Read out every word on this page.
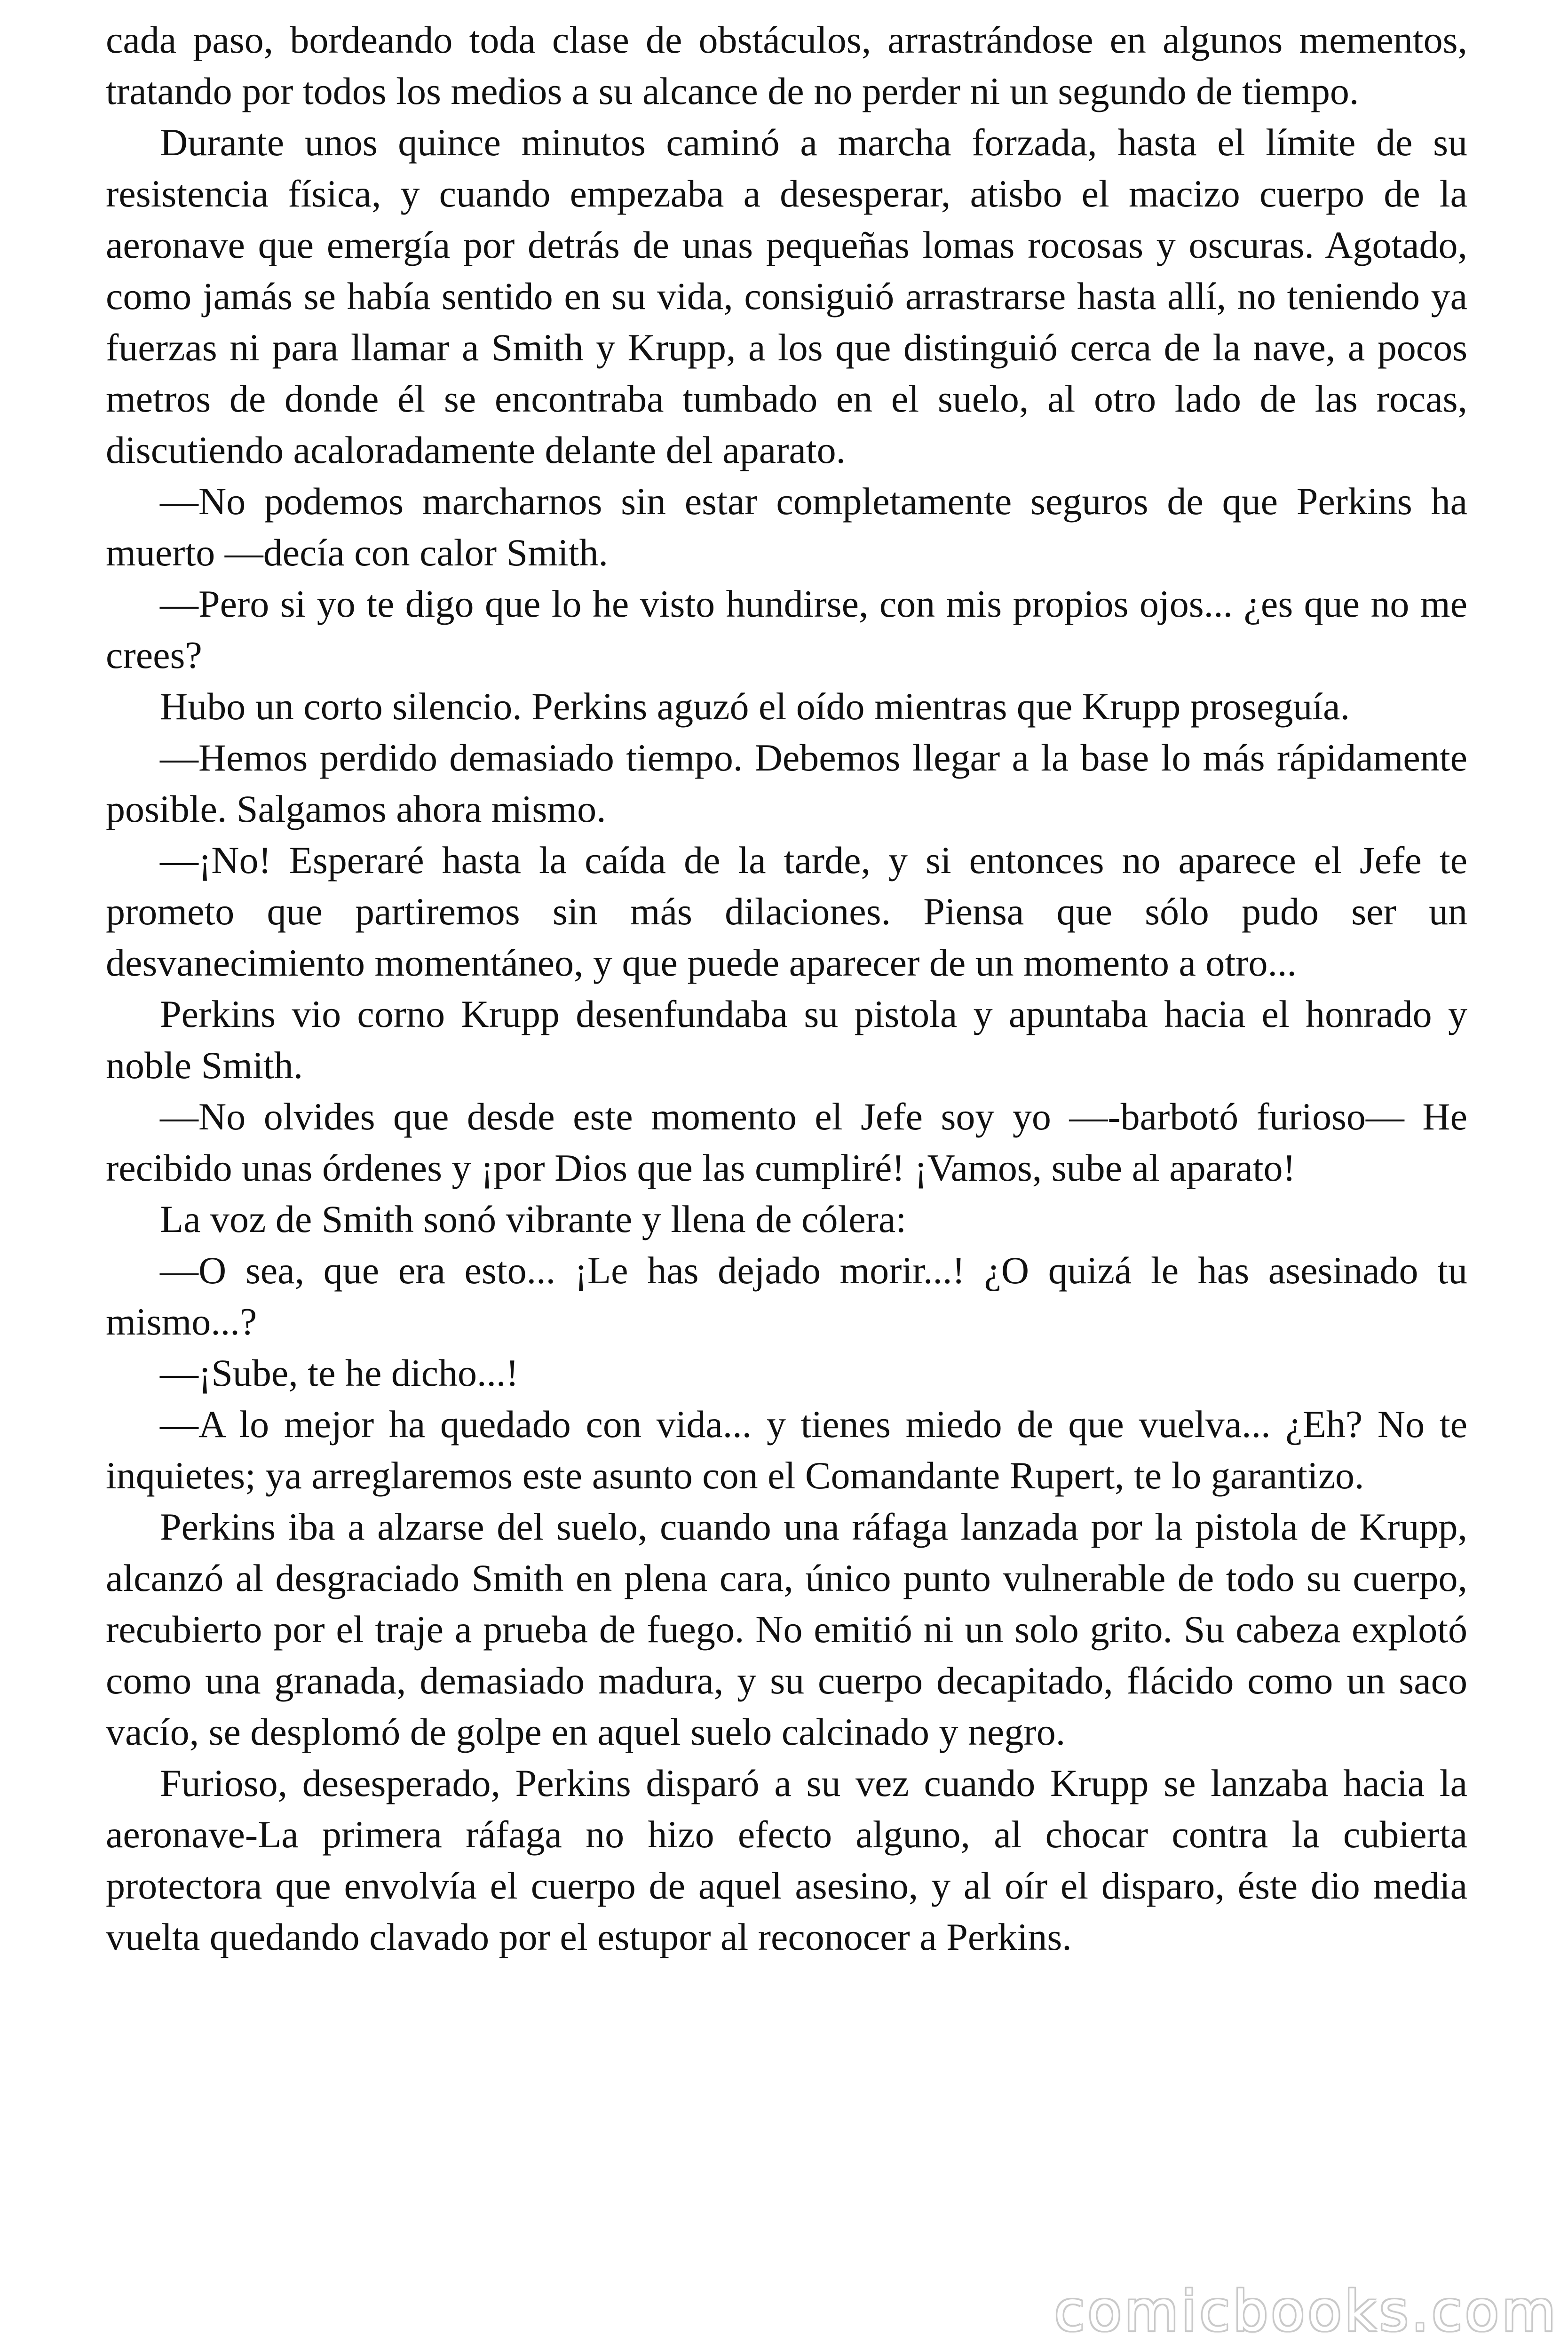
cada paso, bordeando toda clase de obstáculos, arrastrándose en algunos mementos, tratando por todos los medios a su alcance de no perder ni un segundo de tiempo.

Durante unos quince minutos caminó a marcha forzada, hasta el límite de su resistencia física, y cuando empezaba a desesperar, atisbo el macizo cuerpo de la aeronave que emergía por detrás de unas pequeñas lomas rocosas y oscuras. Agotado, como jamás se había sentido en su vida, consiguió arrastrarse hasta allí, no teniendo ya fuerzas ni para llamar a Smith y Krupp, a los que distinguió cerca de la nave, a pocos metros de donde él se encontraba tumbado en el suelo, al otro lado de las rocas, discutiendo acaloradamente delante del aparato.

—No podemos marcharnos sin estar completamente seguros de que Perkins ha muerto —decía con calor Smith.

—Pero si yo te digo que lo he visto hundirse, con mis propios ojos... ¿es que no me crees?

Hubo un corto silencio. Perkins aguzó el oído mientras que Krupp proseguía.

—Hemos perdido demasiado tiempo. Debemos llegar a la base lo más rápidamente posible. Salgamos ahora mismo.

—¡No! Esperaré hasta la caída de la tarde, y si entonces no aparece el Jefe te prometo que partiremos sin más dilaciones. Piensa que sólo pudo ser un desvanecimiento momentáneo, y que puede aparecer de un momento a otro...

Perkins vio corno Krupp desenfundaba su pistola y apuntaba hacia el honrado y noble Smith.

—No olvides que desde este momento el Jefe soy yo —-barbotó furioso— He recibido unas órdenes y ¡por Dios que las cumpliré! ¡Vamos, sube al aparato!

La voz de Smith sonó vibrante y llena de cólera:

—O sea, que era esto... ¡Le has dejado morir...! ¿O quizá le has asesinado tu mismo...?

—¡Sube, te he dicho...!

—A lo mejor ha quedado con vida... y tienes miedo de que vuelva... ¿Eh? No te inquietes; ya arreglaremos este asunto con el Comandante Rupert, te lo garantizo.

Perkins iba a alzarse del suelo, cuando una ráfaga lanzada por la pistola de Krupp, alcanzó al desgraciado Smith en plena cara, único punto vulnerable de todo su cuerpo, recubierto por el traje a prueba de fuego. No emitió ni un solo grito. Su cabeza explotó como una granada, demasiado madura, y su cuerpo decapitado, flácido como un saco vacío, se desplomó de golpe en aquel suelo calcinado y negro.

Furioso, desesperado, Perkins disparó a su vez cuando Krupp se lanzaba hacia la aeronave-La primera ráfaga no hizo efecto alguno, al chocar contra la cubierta protectora que envolvía el cuerpo de aquel asesino, y al oír el disparo, éste dio media vuelta quedando clavado por el estupor al reconocer a Perkins.

comicbooks.com
